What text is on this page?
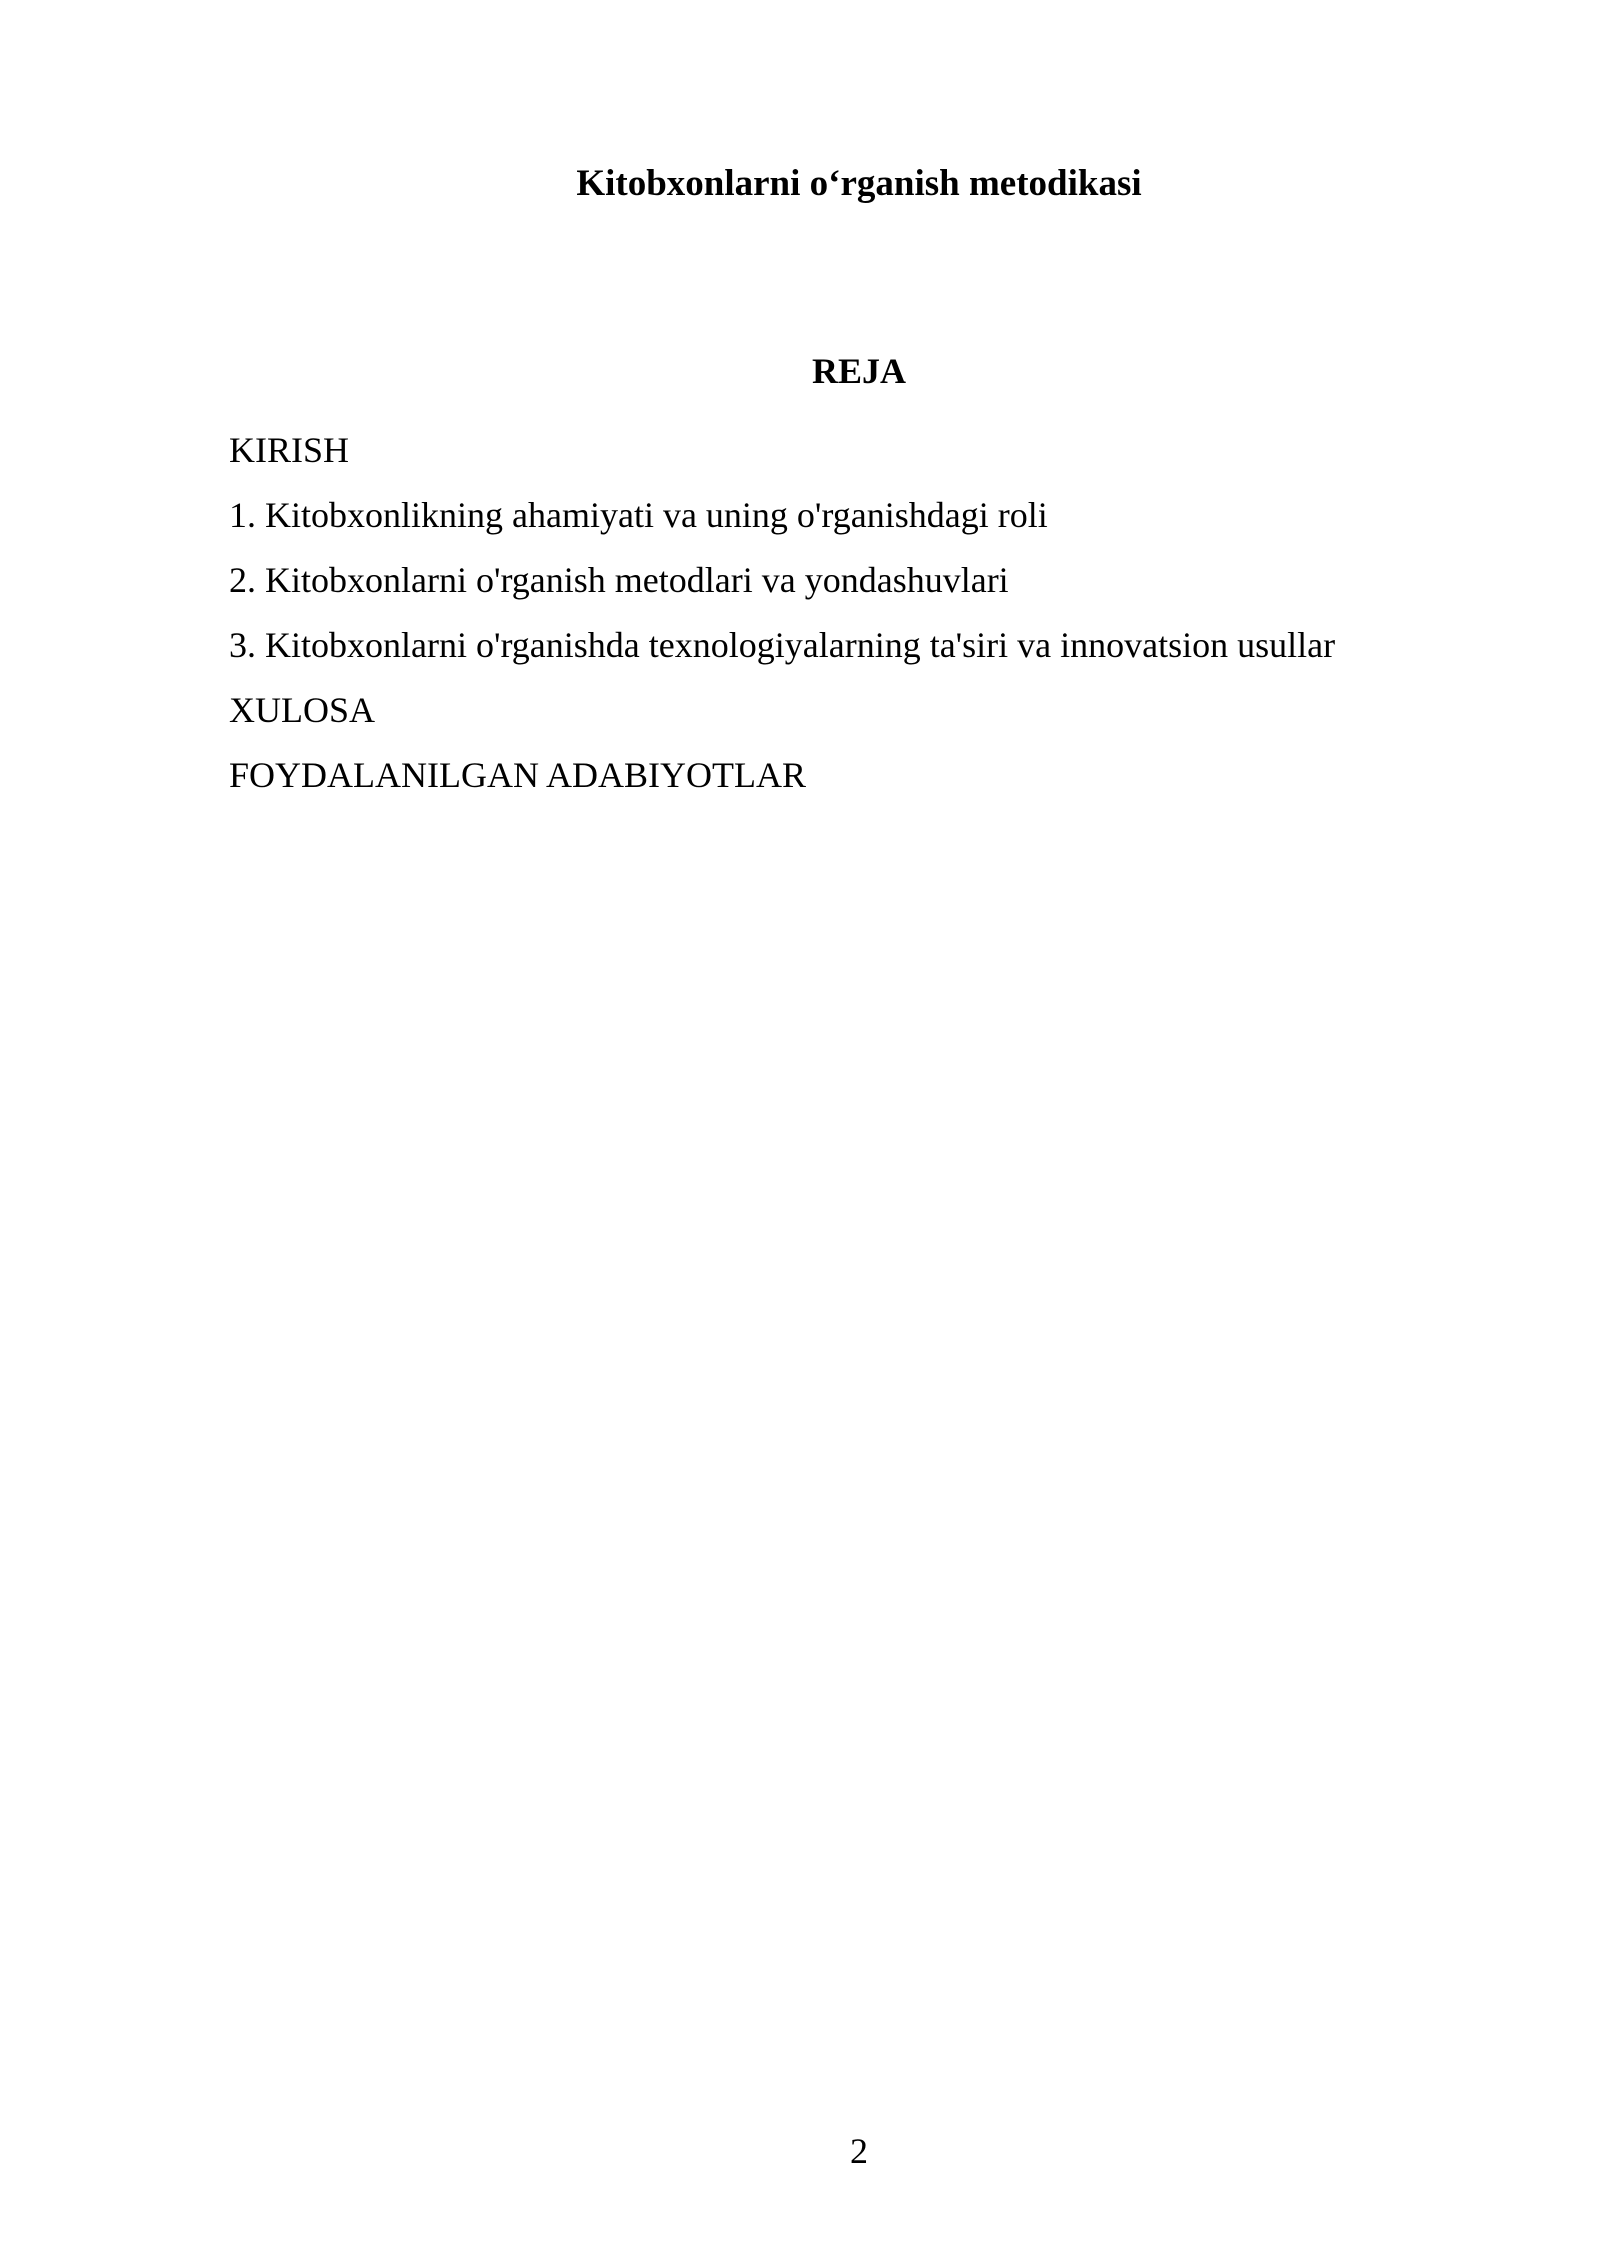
Kitobxonlarni o‘rganish metodikasi
REJA
KIRISH
1. Kitobxonlikning ahamiyati va uning o'rganishdagi roli
2. Kitobxonlarni o'rganish metodlari va yondashuvlari
3. Kitobxonlarni o'rganishda texnologiyalarning ta'siri va innovatsion usullar
XULOSA
FOYDALANILGAN ADABIYOTLAR
2
